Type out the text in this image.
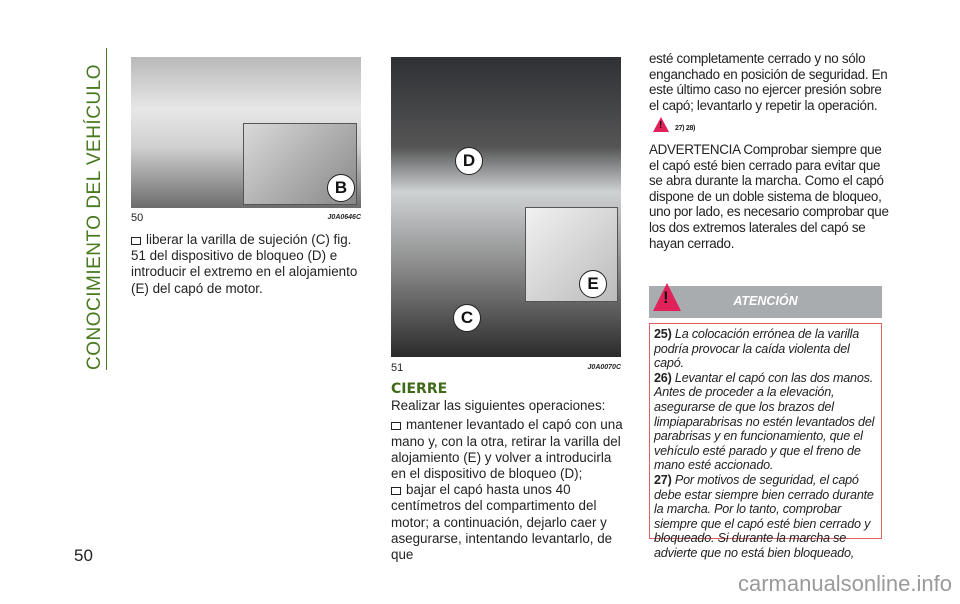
CONOCIMIENTO DEL VEHÍCULO
50
B
50	J0A0646C
D
E
C
51	J0A0070C

liberar la varilla de sujeción (C) fig. 51 del dispositivo de bloqueo (D) e introducir el extremo en el alojamiento (E) del capó de motor.

CIERRE

Realizar las siguientes operaciones:

mantener levantado el capó con una mano y, con la otra, retirar la varilla del alojamiento (E) y volver a introducirla en el dispositivo de bloqueo (D);

bajar el capó hasta unos 40 centímetros del compartimento del motor; a continuación, dejarlo caer y asegurarse, intentando levantarlo, de que

esté completamente cerrado y no sólo enganchado en posición de seguridad. En este último caso no ejercer presión sobre el capó; levantarlo y repetir la operación.

!27) 28)

ADVERTENCIA Comprobar siempre que el capó esté bien cerrado para evitar que se abra durante la marcha. Como el capó dispone de un doble sistema de bloqueo, uno por lado, es necesario comprobar que los dos extremos laterales del capó se hayan cerrado.

!
ATENCIÓN

25) La colocación errónea de la varilla podría provocar la caída violenta del capó.

26) Levantar el capó con las dos manos. Antes de proceder a la elevación, asegurarse de que los brazos del limpiaparabrisas no estén levantados del parabrisas y en funcionamiento, que el vehículo esté parado y que el freno de mano esté accionado.

27) Por motivos de seguridad, el capó debe estar siempre bien cerrado durante la marcha. Por lo tanto, comprobar siempre que el capó esté bien cerrado y bloqueado. Si durante la marcha se advierte que no está bien bloqueado,

carmanualsonline.info
